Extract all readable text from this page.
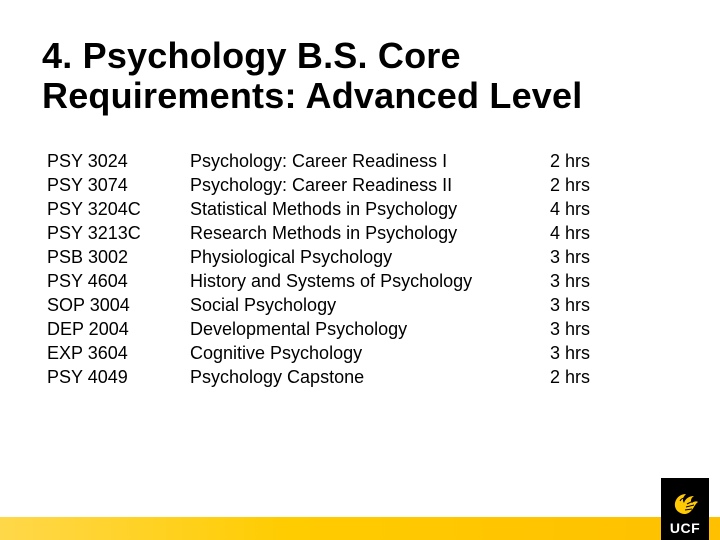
4. Psychology B.S. Core
Requirements: Advanced Level
PSY 3024	Psychology: Career Readiness I	2 hrs
PSY 3074	Psychology: Career Readiness II	2 hrs
PSY 3204C	Statistical Methods in Psychology	4 hrs
PSY 3213C	Research Methods in Psychology	4 hrs
PSB 3002	Physiological Psychology	3 hrs
PSY 4604	History and Systems of Psychology	3 hrs
SOP 3004	Social Psychology	3 hrs
DEP 2004	Developmental Psychology	3 hrs
EXP 3604	Cognitive Psychology	3 hrs
PSY 4049	Psychology Capstone	2 hrs
UCF
